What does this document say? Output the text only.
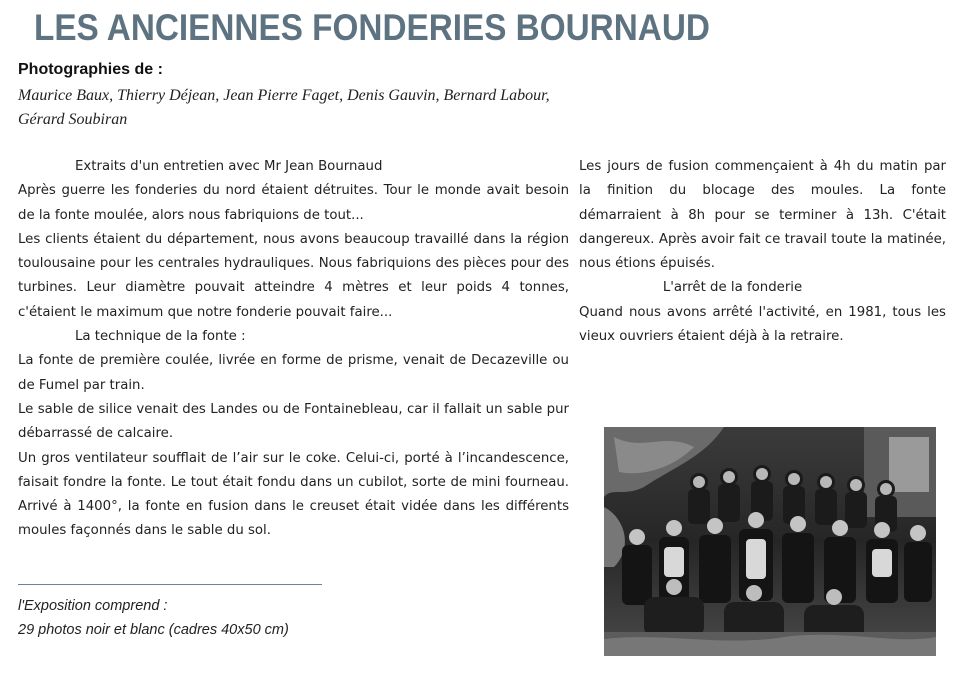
LES ANCIENNES FONDERIES BOURNAUD
Photographies de :
Maurice Baux, Thierry Déjean, Jean Pierre Faget, Denis Gauvin, Bernard Labour, Gérard Soubiran

Extraits d'un entretien avec Mr Jean Bournaud

Après guerre les fonderies du nord étaient détruites. Tour le monde avait besoin de la fonte moulée, alors nous fabriquions de tout...

Les clients étaient du département, nous avons beaucoup travaillé dans la région toulousaine pour les centrales hydrauliques. Nous fabriquions des pièces pour des turbines. Leur diamètre pouvait atteindre 4 mètres et leur poids 4 tonnes, c'étaient le maximum que notre fonderie pouvait faire...

La technique de la fonte :

La fonte de première coulée, livrée en forme de prisme, venait de Decazeville ou de Fumel par train.

Le sable de silice venait des Landes ou de Fontainebleau, car il fallait un sable pur débarrassé de calcaire.

Un gros ventilateur soufflait de l’air sur le coke. Celui-ci, porté à l’incandescence, faisait fondre la fonte. Le tout était fondu dans un cubilot, sorte de mini fourneau. Arrivé à 1400°, la fonte en fusion dans le creuset était vidée dans les différents moules façonnés dans le sable du sol.

Les jours de fusion commençaient à 4h du matin par la finition du blocage des moules. La fonte démarraient à 8h pour se terminer à 13h. C'était dangereux. Après avoir fait ce travail toute la matinée, nous étions épuisés.

L'arrêt de la fonderie

Quand nous avons arrêté l'activité, en 1981, tous les vieux ouvriers étaient déjà à la retraire.

l'Exposition comprend :

29 photos noir et blanc (cadres 40x50 cm)
